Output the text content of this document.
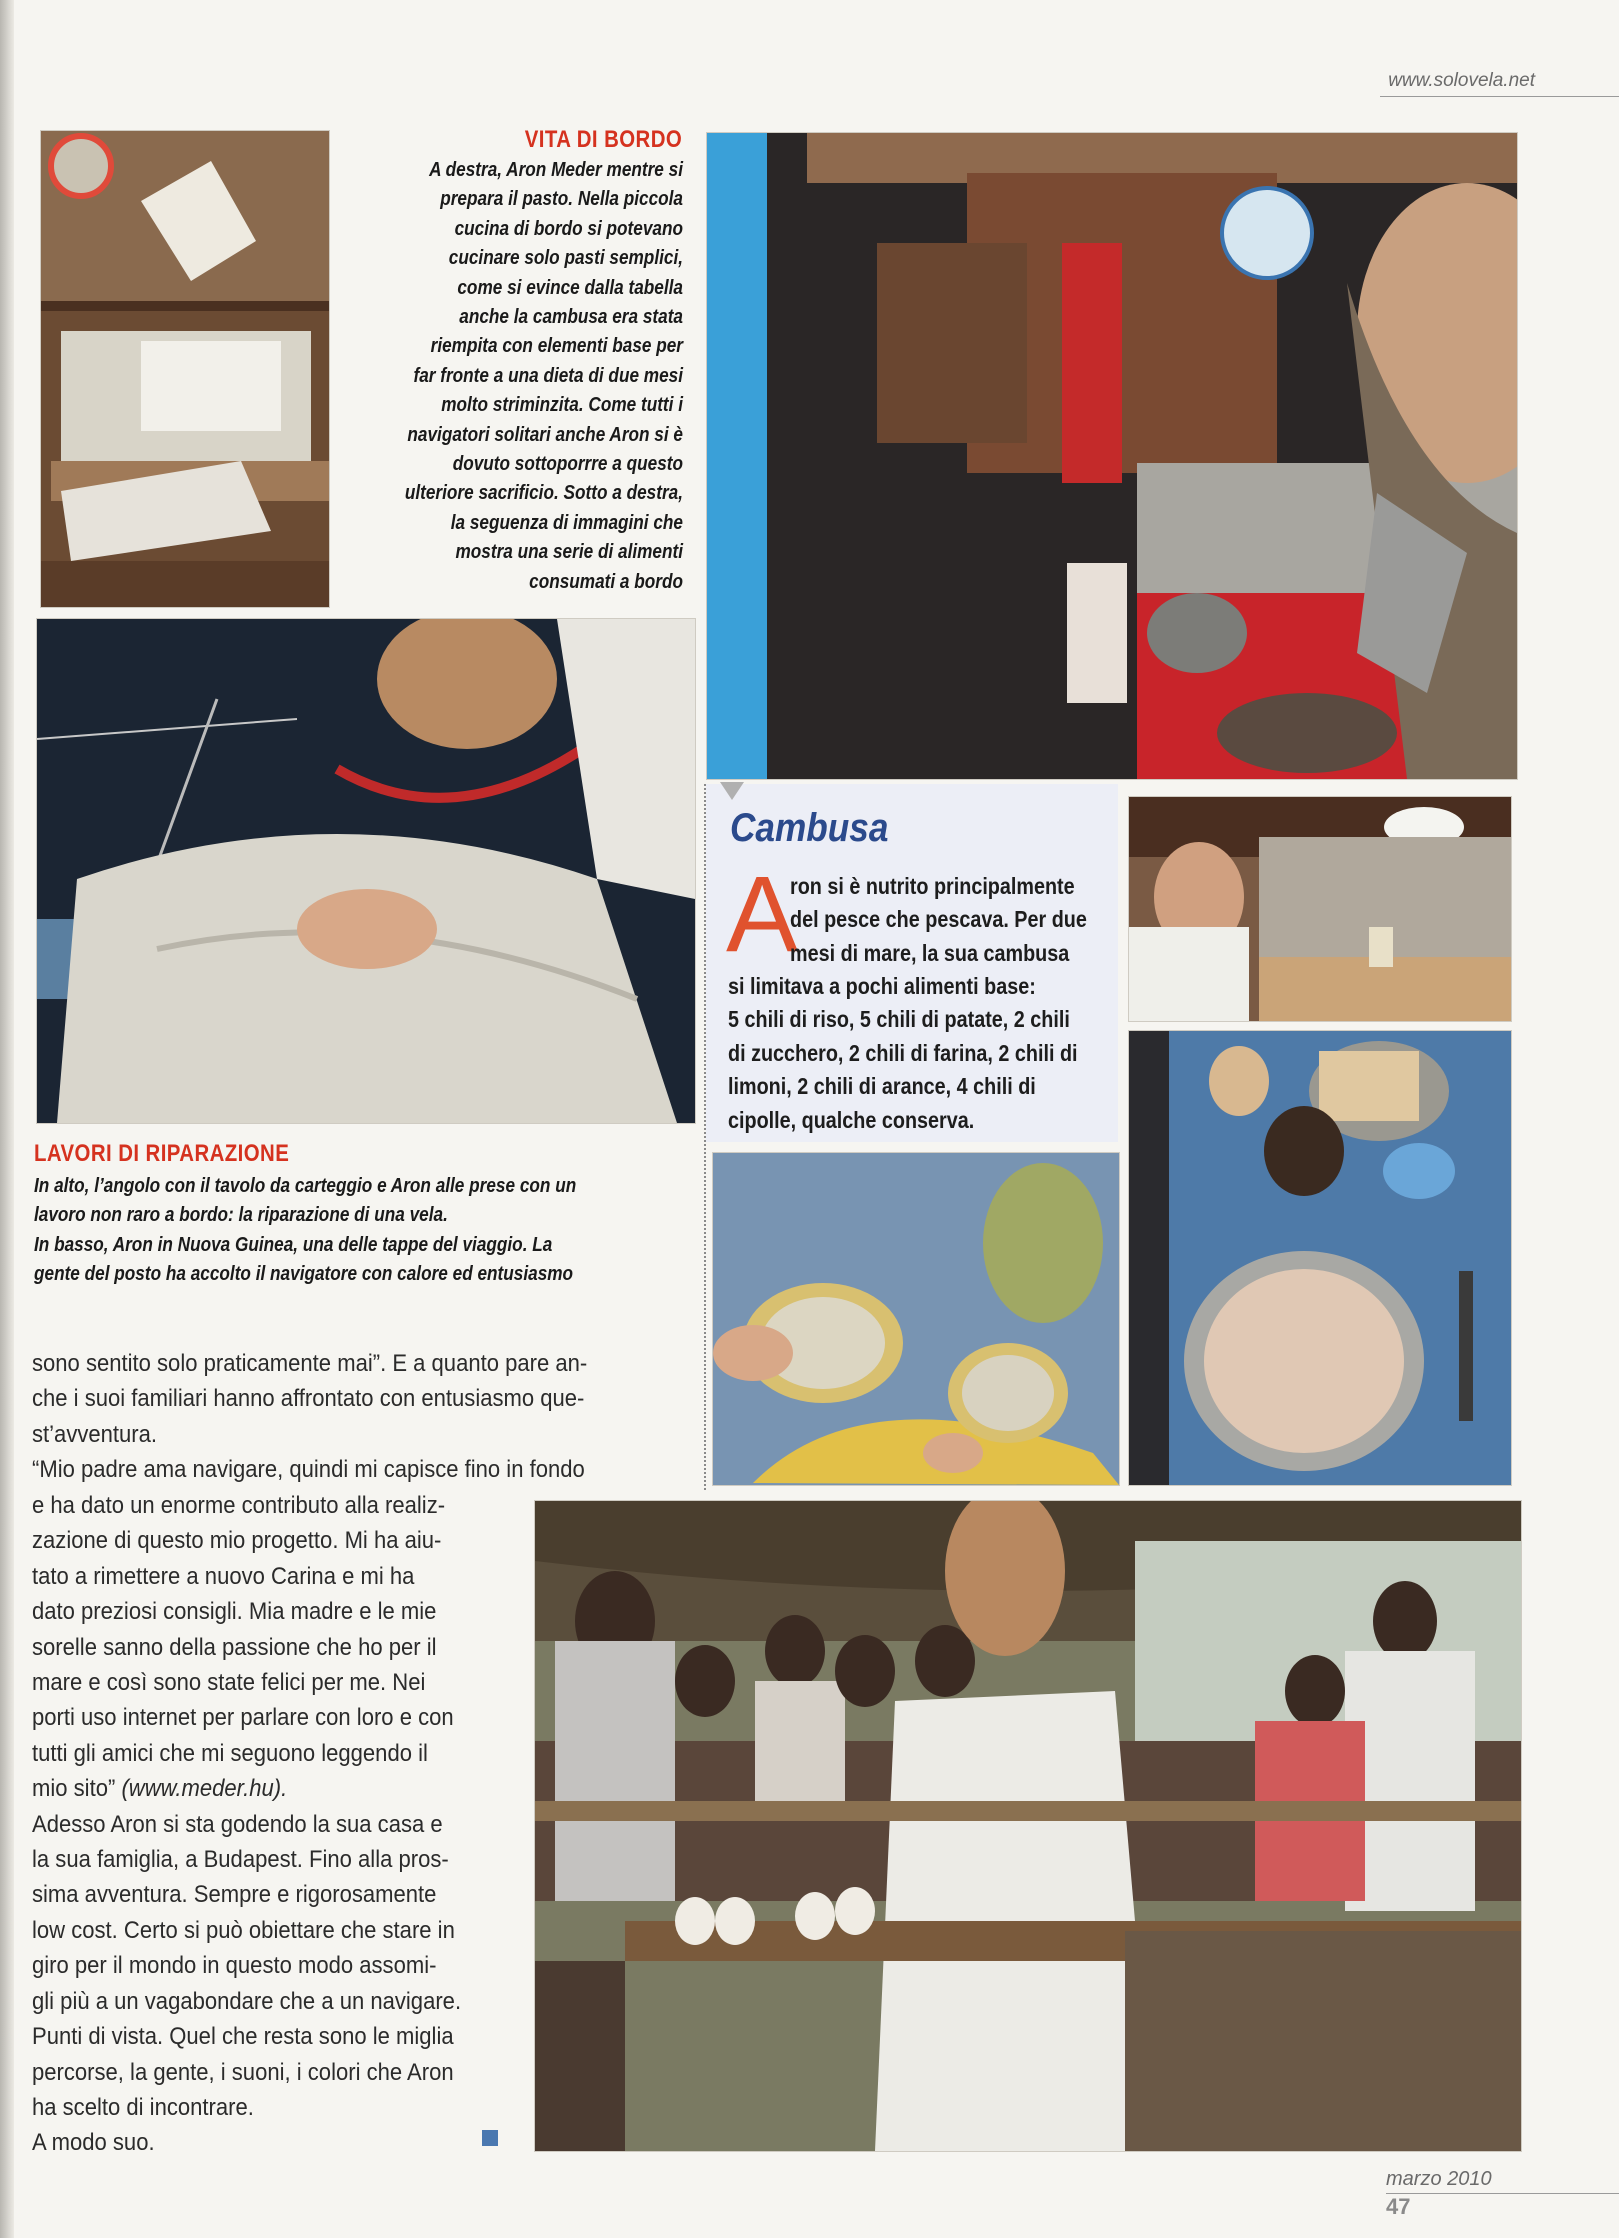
www.solovela.net
Cambusa
A
ron si è nutrito principalmente
del pesce che pescava. Per due
mesi di mare, la sua cambusa
si limitava a pochi alimenti base:
5 chili di riso, 5 chili di patate, 2 chili
di zucchero, 2 chili di farina, 2 chili di
limoni, 2 chili di arance, 4 chili di
cipolle, qualche conserva.
VITA DI BORDO
A destra, Aron Meder mentre si
prepara il pasto. Nella piccola
cucina di bordo si potevano
cucinare solo pasti semplici,
come si evince dalla tabella
anche la cambusa era stata
riempita con elementi base per
far fronte a una dieta di due mesi
molto striminzita. Come tutti i
navigatori solitari anche Aron si è
dovuto sottoporrre a questo
ulteriore sacrificio. Sotto a destra,
la seguenza di immagini che
mostra una serie di alimenti
consumati a bordo
LAVORI DI RIPARAZIONE
In alto, l’angolo con il tavolo da carteggio e Aron alle prese con un
lavoro non raro a bordo: la riparazione di una vela.
In basso, Aron in Nuova Guinea, una delle tappe del viaggio. La
gente del posto ha accolto il navigatore con calore ed entusiasmo
sono sentito solo praticamente mai”. E a quanto pare an-
che i suoi familiari hanno affrontato con entusiasmo que-
st’avventura.
“Mio padre ama navigare, quindi mi capisce fino in fondo
e ha dato un enorme contributo alla realiz-
zazione di questo mio progetto. Mi ha aiu-
tato a rimettere a nuovo Carina e mi ha
dato preziosi consigli. Mia madre e le mie
sorelle sanno della passione che ho per il
mare e così sono state felici per me. Nei
porti uso internet per parlare con loro e con
tutti gli amici che mi seguono leggendo il
mio sito” (www.meder.hu).
Adesso Aron si sta godendo la sua casa e
la sua famiglia, a Budapest. Fino alla pros-
sima avventura. Sempre e rigorosamente
low cost. Certo si può obiettare che stare in
giro per il mondo in questo modo assomi-
gli più a un vagabondare che a un navigare.
Punti di vista. Quel che resta sono le miglia
percorse, la gente, i suoni, i colori che Aron
ha scelto di incontrare.
A modo suo.
marzo 2010
47
